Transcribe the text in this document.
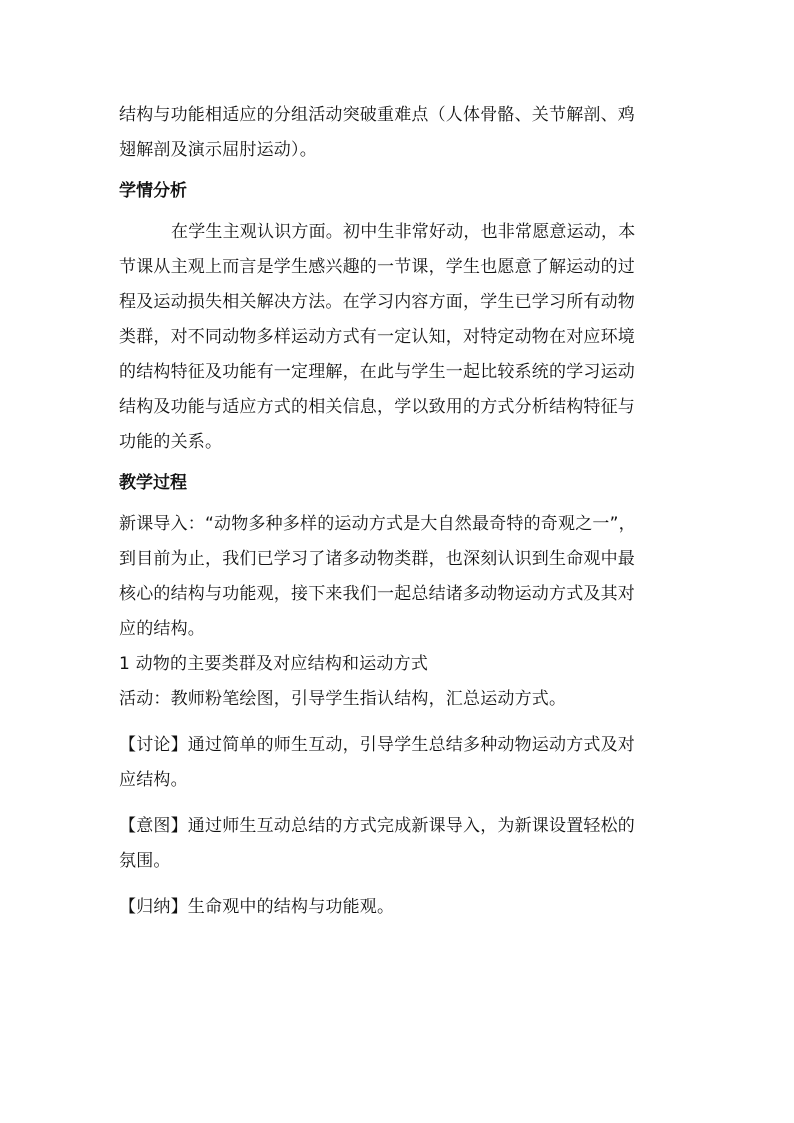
结构与功能相适应的分组活动突破重难点（人体骨骼、关节解剖、鸡
翅解剖及演示屈肘运动）。
学情分析
在学生主观认识方面。初中生非常好动，也非常愿意运动，本
节课从主观上而言是学生感兴趣的一节课，学生也愿意了解运动的过
程及运动损失相关解决方法。在学习内容方面，学生已学习所有动物
类群，对不同动物多样运动方式有一定认知，对特定动物在对应环境
的结构特征及功能有一定理解，在此与学生一起比较系统的学习运动
结构及功能与适应方式的相关信息，学以致用的方式分析结构特征与
功能的关系。
教学过程
新课导入：“动物多种多样的运动方式是大自然最奇特的奇观之一”，
到目前为止，我们已学习了诸多动物类群，也深刻认识到生命观中最
核心的结构与功能观，接下来我们一起总结诸多动物运动方式及其对
应的结构。
1 动物的主要类群及对应结构和运动方式
活动：教师粉笔绘图，引导学生指认结构，汇总运动方式。
【讨论】通过简单的师生互动，引导学生总结多种动物运动方式及对
应结构。
【意图】通过师生互动总结的方式完成新课导入，为新课设置轻松的
氛围。
【归纳】生命观中的结构与功能观。
